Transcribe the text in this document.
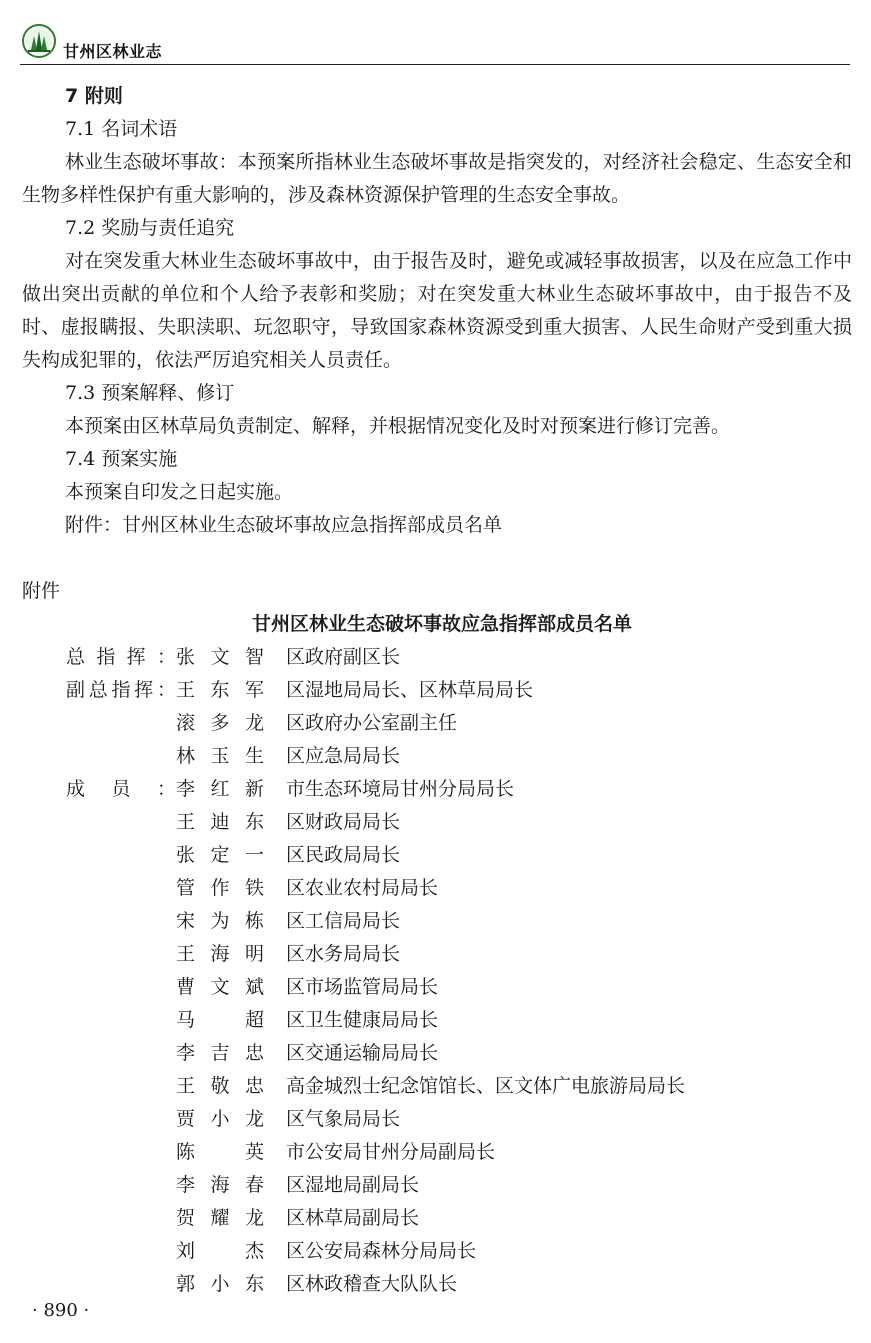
甘州区林业志

7 附则

7.1 名词术语

林业生态破坏事故：本预案所指林业生态破坏事故是指突发的，对经济社会稳定、生态安全和生物多样性保护有重大影响的，涉及森林资源保护管理的生态安全事故。

7.2 奖励与责任追究

对在突发重大林业生态破坏事故中，由于报告及时，避免或减轻事故损害，以及在应急工作中做出突出贡献的单位和个人给予表彰和奖励；对在突发重大林业生态破坏事故中，由于报告不及时、虚报瞒报、失职渎职、玩忽职守，导致国家森林资源受到重大损害、人民生命财产受到重大损失构成犯罪的，依法严厉追究相关人员责任。

7.3 预案解释、修订

本预案由区林草局负责制定、解释，并根据情况变化及时对预案进行修订完善。

7.4 预案实施

本预案自印发之日起实施。

附件：甘州区林业生态破坏事故应急指挥部成员名单

附件

甘州区林业生态破坏事故应急指挥部成员名单

总指挥： 张文智 区政府副区长
副总指挥： 王东军 区湿地局局长、区林草局局长
滚多龙 区政府办公室副主任
林玉生 区应急局局长
成员： 李红新 市生态环境局甘州分局局长
王迪东 区财政局局长
张定一 区民政局局长
管作铁 区农业农村局局长
宋为栋 区工信局局长
王海明 区水务局局长
曹文斌 区市场监管局局长
马超 区卫生健康局局长
李吉忠 区交通运输局局长
王敬忠 高金城烈士纪念馆馆长、区文体广电旅游局局长
贾小龙 区气象局局长
陈英 市公安局甘州分局副局长
李海春 区湿地局副局长
贺耀龙 区林草局副局长
刘杰 区公安局森林分局局长
郭小东 区林政稽查大队队长
· 890 ·
